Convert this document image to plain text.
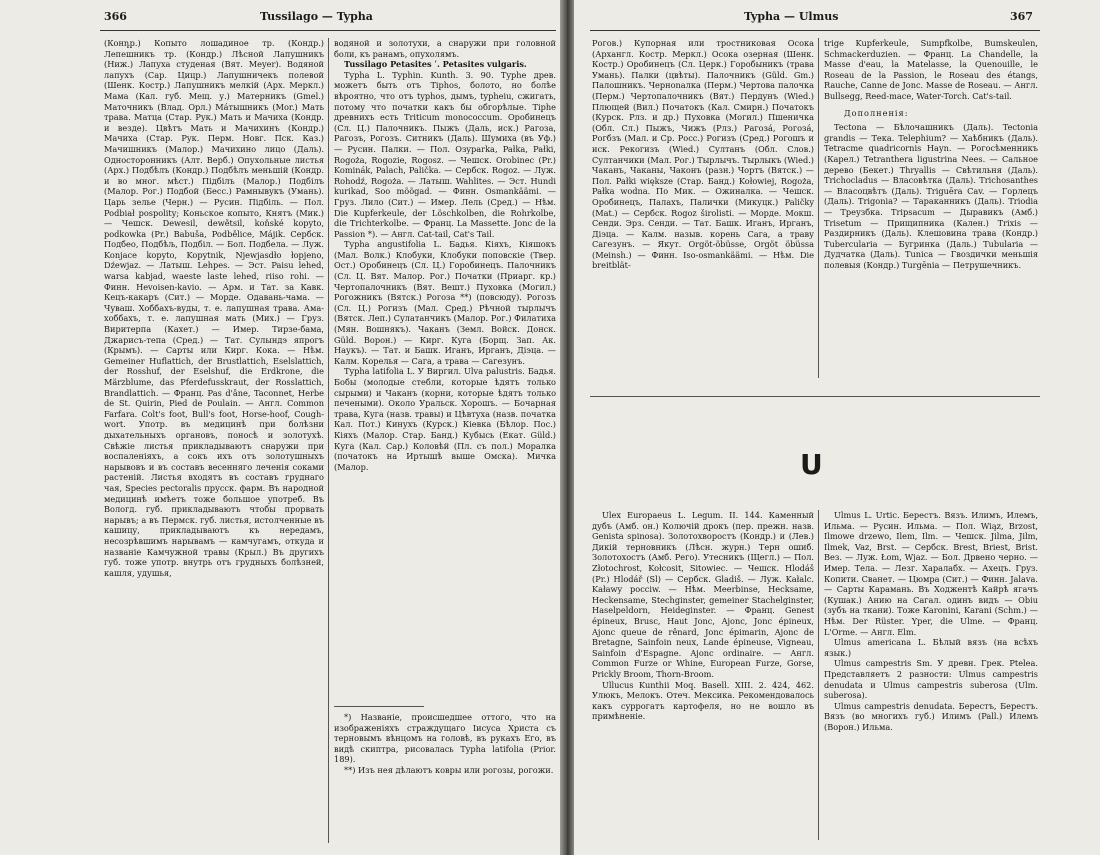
366	Tussilago — Typha

(Конդр.) Копыто лошадиное тр. (Кондр.) Лепешникъ тр. (Кондр.) Лѣсной Лапушникъ (Ниж.) Лапуха студеная (Вят. Meyer). Водяной лапухъ (Сар. Цицр.) Лапушничекъ полевой (Шенк. Костр.) Лапушникъ мелкій (Арх. Меркл.) Мама (Кал. губ. Мещ. у.) Матерникъ (Gmel.) Маточникъ (Влад. Орл.) Мáтышникъ (Mor.) Мать трава. Матца (Стар. Рук.) Мать и Мачиха (Кондр. и везде). Цвѣтъ Мать и Мачихинъ (Кондр.) Мачиха (Стар. Рук. Перм. Новг. Пск. Каз.) Мачишникъ (Малор.) Мачихино лицо (Даль). Односторонникъ (Алт. Верб.) Опухольные листья (Арх.) Подбѣлъ (Кондр.) Подбѣлъ меньшій (Кондр. и во мног. мѣст.) Пiдбiлъ (Малор.) Подбiлъ (Малор. Рог.) Подбой (Бесс.) Рамнывукъ (Умань). Царь зелье (Черн.) — Русин. Підбіль. — Пол. Podbiał pospolity; Коньское копыто, Княтъ (Мик.) — Чешск. Dewesil, dewětsil, koňské kopyto, podkowka (Pr.) Babuša, Podbělice, Májik. Сербск. Подбео, Подбѣљ, Подбіл. — Бол. Подбела. — Луж. Konjace kopyto, Kopytnik, Njewjasdło łopjeno, Dźewjaz. — Латыш. Lehpes. — Эст. Paisu lehed, warsa kabjad, waeste laste lehed, riiso rohi. — Финн. Hevoisen-kavio. — Арм. и Тат. за Кавк. Кецъ-какаръ (Сит.) — Морде. Одавань-чама. — Чуваш. Хоббахъ-вуды, т. е. лапушная трава. Ама-хоббахъ, т. е. лапушная мать (Мих.) — Груз. Виритерпа (Кахет.) — Имер. Тирзе-бама, Джарисъ-тепа (Сред.) — Тат. Сулындэ япрогъ (Крымъ). — Сарты или Кирг. Кока. — Нѣм. Gemeiner Huflattich, der Brustlattich, Eselslattich, der Rosshuf, der Eselshuf, die Erdkrone, die Märzblume, das Pferdefusskraut, der Rosslattich, Brandlattich. — Франц. Pas d'âne, Taconnet, Herbe de St. Quirin, Pied de Poulain. — Англ. Common Farfara. Colt's foot, Bull's foot, Horse-hoof, Cough-wort. Употр. въ медицинѣ при болѣзни дыхательныхъ органовъ, поносѣ и золотухѣ. Свѣжіе листья прикладываютъ снаружи при воспаленіяхъ, а сокъ ихъ отъ золотушныхъ нарывовъ и въ составъ весенняго леченія соками растеній. Листья входятъ въ составъ груднаго чая, Species pectoralis прусск. фарм. Въ народной медицинѣ имѣетъ тоже большое употреб. Въ Вологд. губ. прикладываютъ чтобы прорвать нарывъ; а въ Пермск. губ. листья, истолченные въ кашицу, прикладываютъ къ нередамъ, несозрѣвшимъ нарывамъ — камчугамъ, откуда и названіе Камчужной травы (Крыл.) Въ другихъ губ. тоже употр. внутрь отъ грудныхъ болѣзней, кашля, удушья,

водяной и золотухи, а снаружи при головной боли, къ ранамъ, опухолямъ.

Tussilago Petasites ʹ. Petasites vulgaris.

Typha L. Typhin. Kunth. 3. 90. Typhe древ. можетъ быть отъ Tiphos, болото, но болѣе вѣроятно, что отъ typhos, дымъ, typheiu, сжигать, потому что початки какъ бы обгорѣлые. Tiphe древнихъ есть Triticum monococcum. Оробинецъ (Сл. Ц.) Палочникъ. Пыжъ (Даль, иск.) Рагоза, Рагозъ, Рогозъ. Ситникъ (Даль). Шумиха (въ Уф.) — Русин. Палки. — Пол. Oзyparka, Pałka, Pałki, Rogoża, Rogozie, Rogosz. — Чешск. Orobinec (Pr.) Kominák, Palach, Palička. — Сербск. Rogoz. — Луж. Rohodź, Rogoża. — Латыш. Wahlites. — Эст. Hundi kurikad, Soo mõõgad. — Финн. Osmankäämi. — Груз. Лило (Сит.) — Имер. Лель (Сред.) — Нѣм. Die Kupferkeule, der Löschkolben, die Rohrkolbe, die Trichterkolbe. — Франц. La Massette. Jonc de la Passion *). — Англ. Cat-tail, Cat's Tail.

Typha angustifolia L. Бадья. Кiяхъ, Кiяшокъ (Мал. Волк.) Клобуки, Клобуки поповскіе (Твер. Ост.) Оробинецъ (Сл. Ц.) Горобинецъ. Палочникъ (Сл. Ц. Вят. Малор. Рог.) Початки (Приарг. кр.) Чертопалочникъ (Вят. Вешт.) Пуховка (Могил.) Рогожникъ (Вятск.) Рогоза **) (повсюду). Рогозъ (Сл. Ц.) Рогизъ (Мал. Сред.) Рѣчной тырлычъ (Вятск. Леп.) Сулатанчикъ (Малор. Рог.) Филатиха (Мян. Вошнякъ). Чаканъ (Земл. Войск. Донск. Güld. Ворон.) — Кирг. Куга (Борщ. Зап. Ак. Наукъ). — Тат. и Башк. Иганъ, Ирганъ, Дiэца. — Калм. Корелья — Сага, а трава — Сагезунъ.

Typha latifolia L. У Виргил. Ulva palustris. Бадья. Бобы (молодые стебли, которые ѣдятъ только сырыми) и Чаканъ (корни, которые ѣдятъ только печеными). Около Уральск. Хорошъ. — Бочарная трава, Куга (назв. травы) и Цѣвтуха (назв. початка Кал. Пот.) Кинухъ (Курск.) Кiевка (Бѣлор. Пос.) Кiяхъ (Малор. Стар. Банд.) Кубысь (Екат. Güld.) Куга (Кал. Сар.) Коловѣй (Пл. съ пол.) Моралка (початокъ на Иртышѣ выше Омска). Мичка (Малор.

*) Названіе, происшедшее оттого, что на изображеніяхъ страждущаго Іисуса Христа съ терновымъ вѣнцомъ на головѣ, въ рукахъ Его, въ видѣ скиптра, рисовалась Typha latifolia (Prior. 189).

**) Изъ нея дѣлаютъ ковры или рогозы, рогожи.

Typha — Ulmus	367

Рогов.) Купорная или тростниковая Осока (Архангл. Костр. Меркл.) Осока озерная (Шенк. Костр.) Оробинецъ (Сл. Церк.) Горобыникъ (трава Умань). Палки (цвѣты). Палочникъ (Güld. Gm.) Палошникъ. Черноnалка (Перм.) Чертова палочка (Перм.) Чертопалочникъ (Вят.) Пердунъ (Wied.) Плющей (Вил.) Початокъ (Кал. Смирн.) Початокъ (Курск. Рлз. и др.) Пуховка (Могил.) Пшеничка (Обл. Сл.) Пыжъ, Чижъ (Рлз.) Рагозá, Рогозá, Рогбзъ (Мал. и Ср. Росс.) Рогизъ (Сред.) Рогошъ и иск. Рекогизъ (Wied.) Султанъ (Обл. Слов.) Султанчики (Мал. Рог.) Тырлычъ. Тырлыкъ (Wied.) Чаканъ, Чаканы, Чаконъ (разн.) Чортъ (Вятск.) — Пол. Pałki większe (Стар. Банд.) Kołowiej, Rogoża, Pałka wodna. По Мик. — Ожиналка. — Чешск. Оробинецъ, Палахъ, Палички (Микуцк.) Paličky (Mat.) — Сербск. Rogoz širolisti. — Морде. Мокш. Сенди. Эрз. Сенди. — Тат. Башк. Иганъ, Ирганъ, Дiэца. — Калм. назыв. корень Сага, а траву Сагезунъ. — Якут. Orgöt-öbüsse, Orgöt öbüssa (Meinsh.) — Финн. Iso-osmankäämi. — Нѣм. Die breitblät-

trige Kupferkeule, Sumpfkolbe, Bumskeulen, Schmackerduzien. — Франц. La Chandelle, la Masse d'eau, la Matelasse, la Quenouille, le Roseau de la Passion, le Roseau des étangs, Rauche, Canne de Jonc. Masse de Roseau. — Англ. Bullsegg, Reed-mace, Water-Torch. Cat's-tail.

Дополненія:

Tectona — Бѣлочашникъ (Даль). Tectonia grandis — Тека. Telephium? — Хаѣбникъ (Даль). Tetracme quadricornis Hayn. — Рогосѣменникъ (Карел.) Tetranthera ligustrina Nees. — Сальное дерево (Бекет.) Thryallis — Свѣтильня (Даль). Trichocladus — Власовѣтка (Даль). Trichosanthes — Власоцвѣтъ (Даль). Triguēra Cav. — Горлецъ (Даль). Trigonia? — Тараканникъ (Даль). Triodia — Треузбка. Tripsacum — Дыравикъ (Амб.) Trisetum — Прищипника (Кален.) Trixis — Раздирникъ (Даль). Клешовина трава (Кондр.) Tubercularia — Бугринка (Даль.) Tubularia — Дудчатка (Даль). Tunica — Гвоздички меньшія полевыя (Кондр.) Turgēnia — Петрушечникъ.

U

Ulex Europaeus L. Legum. II. 144. Каменный дубъ (Амб. он.) Колючій дрокъ (пер. прежн. назв. Genista spinosa). Золотохворостъ (Кондр.) и (Лев.) Дикій терновникъ (Лѣсн. журн.) Терн ошиб. Золотохостъ (Амб. Рего). Утесникъ (Щегл.) — Пол. Złotochrost, Kołcosit, Sitowiec. — Чешск. Hlodáš (Pr.) Hlodář (Sl) — Сербск. Gladiš. — Луж. Kałalc. Kaławy pocciw. — Нѣм. Meerbinse, Hecksame, Heckensame, Stechginster, gemeiner Stachelginster, Haselpeldorn, Heideginster. — Франц. Genest épineux, Brusc, Haut Jonc, Ajonc, Jonc épineux, Ajonc queue de rênard, Jonc épimarin, Ajonc de Bretagne, Sainfoin neux, Lande épineuse, Vigneau, Sainfoin d'Espagne. Ajonc ordinaire. — Англ. Common Furze or Whine, European Furze, Gorse, Prickly Broom, Thorn-Broom.

Ullucus Kunthii Moq. Basell. XIII. 2. 424, 462. Улюкъ, Мелокъ. Отеч. Мексика. Рекомендовалось какъ суррогатъ картофеля, но не вошло въ примѣненіе.

Ulmus L. Urtic. Берестъ. Вязъ. Илимъ, Илемъ, Ильма. — Русин. Ильма. — Пол. Wiąz, Brzost, Ilmowe drzewo, Ilem, Ilm. — Чешск. Jilma, Jilm, Ilmek, Vaz, Brst. — Сербск. Brest, Briest, Brist. Вез. — Луж. Łom, Wjaz. — Бол. Дрвено черно. — Имер. Тела. — Лезг. Харалабх. — Ахецъ. Груз. Копити. Сванет. — Цюмра (Сит.) — Финн. Jalava. — Сарты Карамань. Въ Ходжентѣ Кайрѣ ягачъ (Кушак.) Анию на Сагал. одинъ видъ — Obiu (зубъ на ткани). Тоже Karonini, Karani (Schm.) — Нѣм. Der Rüster. Yper, die Ulme. — Франц. L'Orme. — Англ. Elm.

Ulmus americana L. Бѣлый вязъ (на всѣхъ язык.)

Ulmus campestris Sm. У древн. Грек. Ptelea. Представляетъ 2 разности: Ulmus campestris denudata и Ulmus campestris suberosa (Ulm. suberosa).

Ulmus campestris denudata. Берестъ, Берестъ. Вязъ (во многихъ губ.) Илимъ (Pall.) Илемъ (Ворон.) Ильма.
